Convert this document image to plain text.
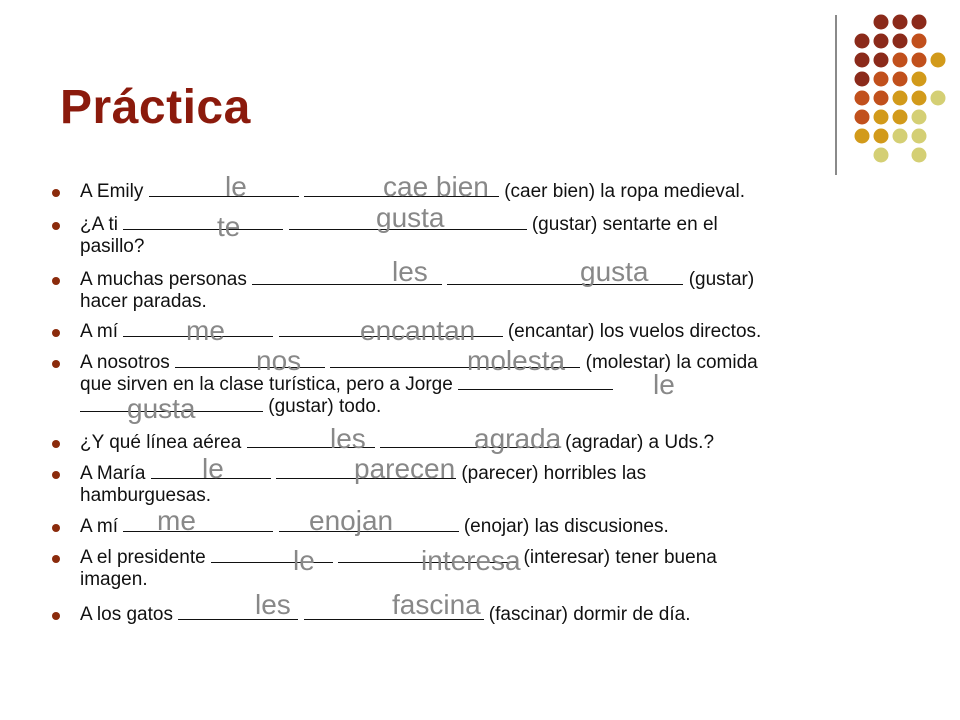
Práctica
A Emily	(caer bien) la ropa medieval.
¿A ti	(gustar) sentarte en el
pasillo?
A muchas personas	(gustar)
hacer paradas.
A mí	(encantar) los vuelos directos.
A nosotros	(molestar) la comida
que sirven en la clase turística, pero a Jorge
(gustar) todo.
¿Y qué línea aérea	(agradar) a Uds.?
A María	(parecer) horribles las
hamburguesas.
A mí	(enojar) las discusiones.
A el presidente	(interesar) tener buena
imagen.
A los gatos	(fascinar) dormir de día.
le	cae bien
te	gusta
les	gusta
me	encantan
nos	molesta
le
gusta
les	agrada
le	parecen
me	enojan
le	interesa
les	fascina
